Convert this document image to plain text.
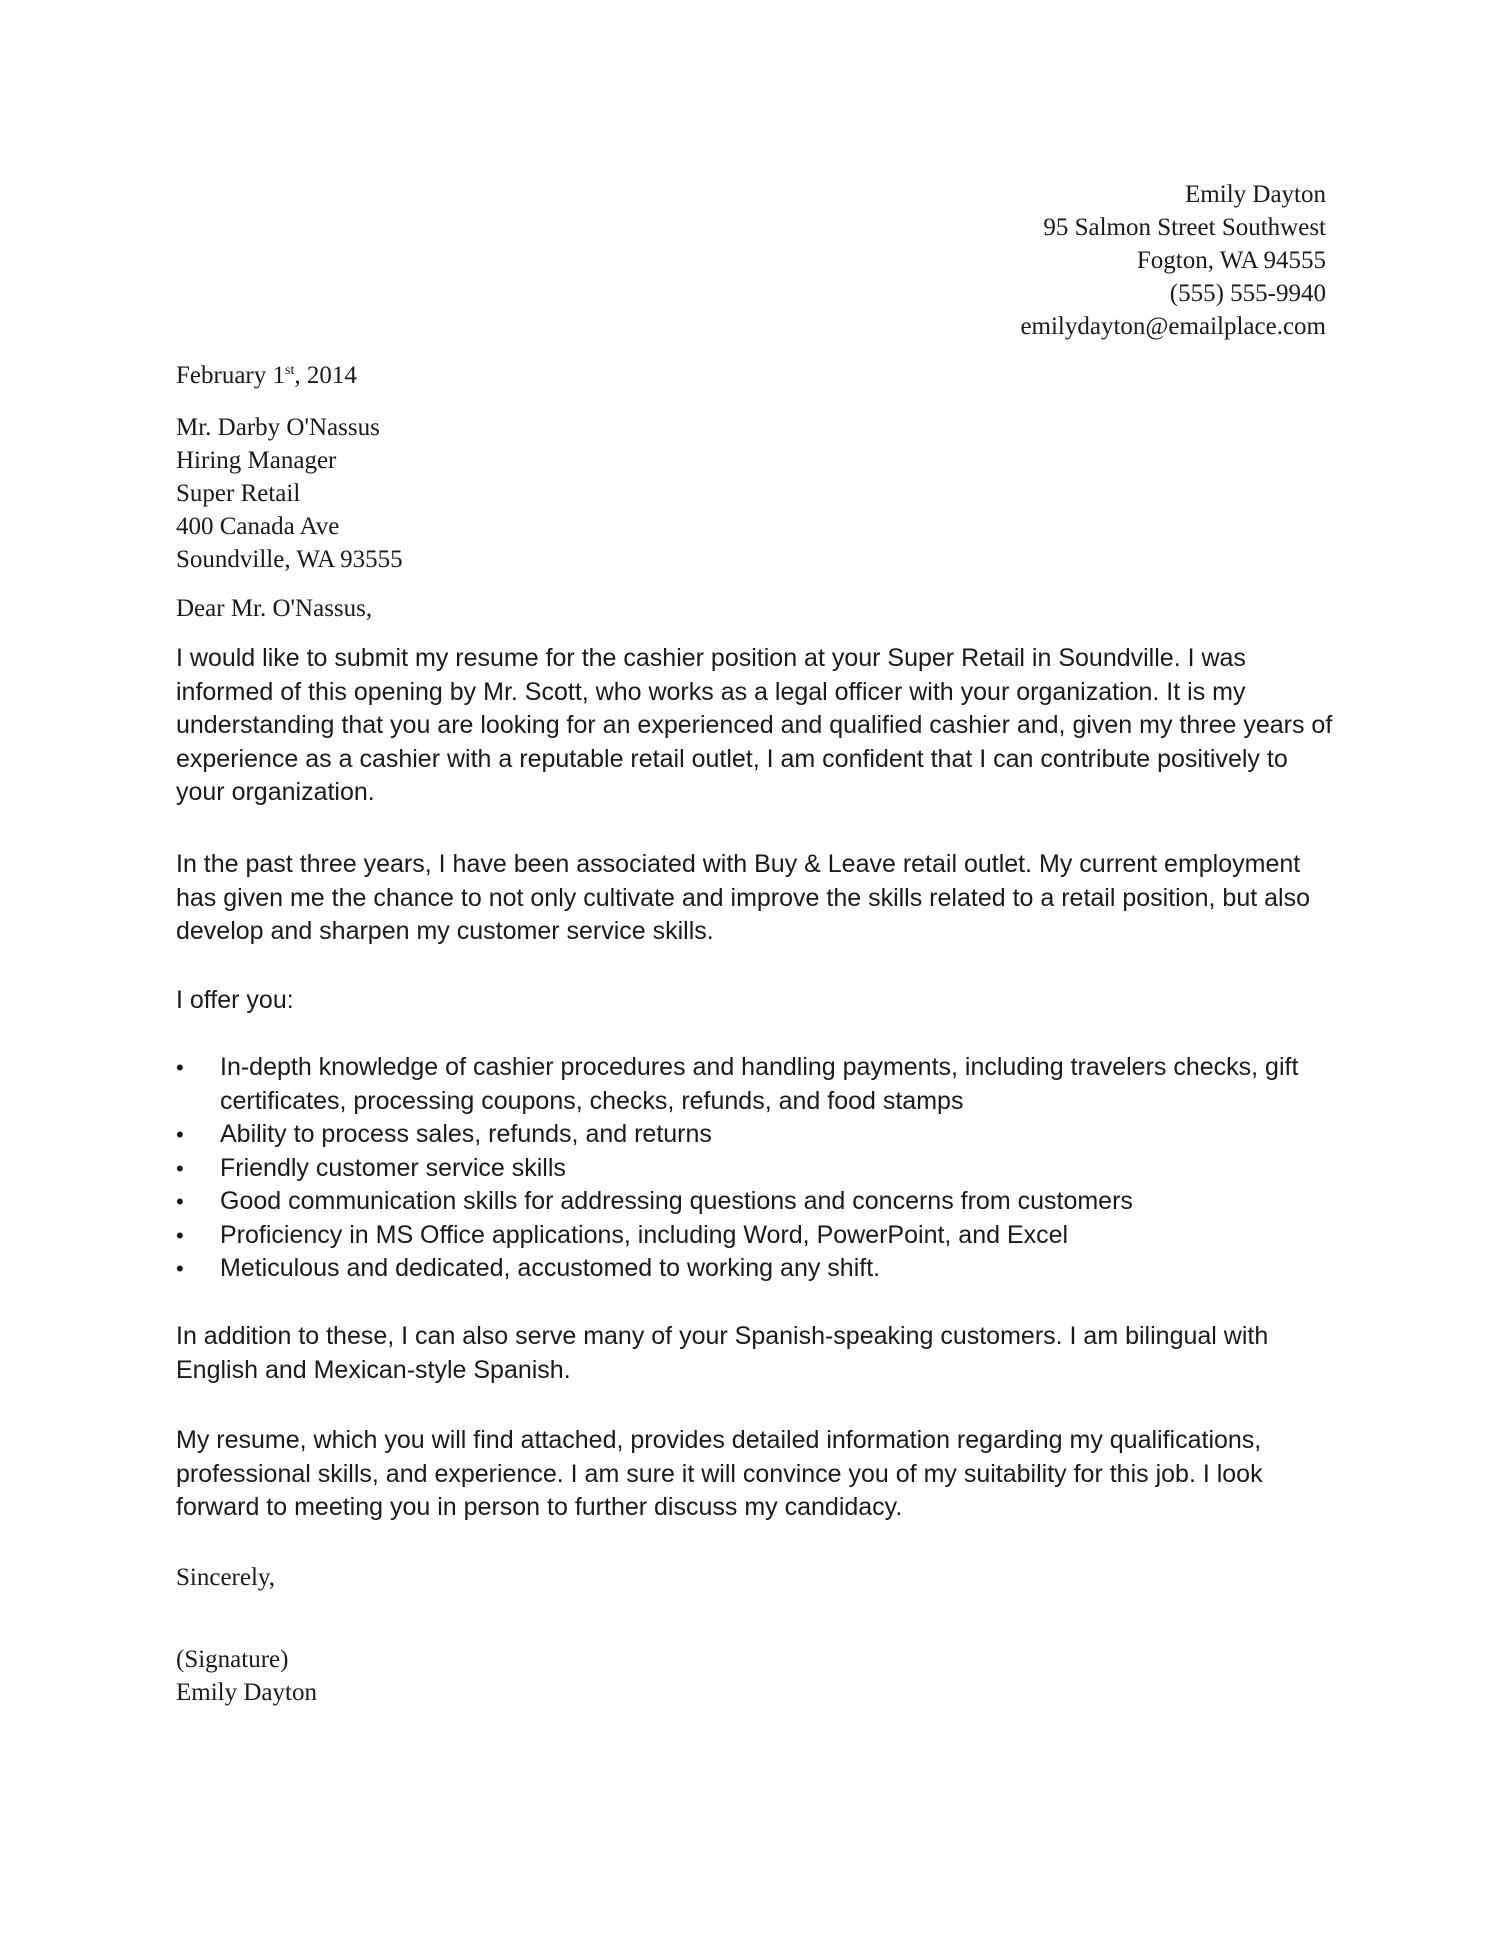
Emily Dayton
95 Salmon Street Southwest
Fogton, WA 94555
(555) 555-9940
emilydayton@emailplace.com
February 1st, 2014
Mr. Darby O'Nassus
Hiring Manager
Super Retail
400 Canada Ave
Soundville, WA 93555
Dear Mr. O'Nassus,

I would like to submit my resume for the cashier position at your Super Retail in Soundville. I was informed of this opening by Mr. Scott, who works as a legal officer with your organization. It is my understanding that you are looking for an experienced and qualified cashier and, given my three years of experience as a cashier with a reputable retail outlet, I am confident that I can contribute positively to your organization.

In the past three years, I have been associated with Buy & Leave retail outlet. My current employment has given me the chance to not only cultivate and improve the skills related to a retail position, but also develop and sharpen my customer service skills.

I offer you:

•	In-depth knowledge of cashier procedures and handling payments, including travelers checks, gift certificates, processing coupons, checks, refunds, and food stamps
•	Ability to process sales, refunds, and returns
•	Friendly customer service skills
•	Good communication skills for addressing questions and concerns from customers
•	Proficiency in MS Office applications, including Word, PowerPoint, and Excel
•	Meticulous and dedicated, accustomed to working any shift.

In addition to these, I can also serve many of your Spanish-speaking customers. I am bilingual with English and Mexican-style Spanish.

My resume, which you will find attached, provides detailed information regarding my qualifications, professional skills, and experience. I am sure it will convince you of my suitability for this job. I look forward to meeting you in person to further discuss my candidacy.

Sincerely,
(Signature)
Emily Dayton
